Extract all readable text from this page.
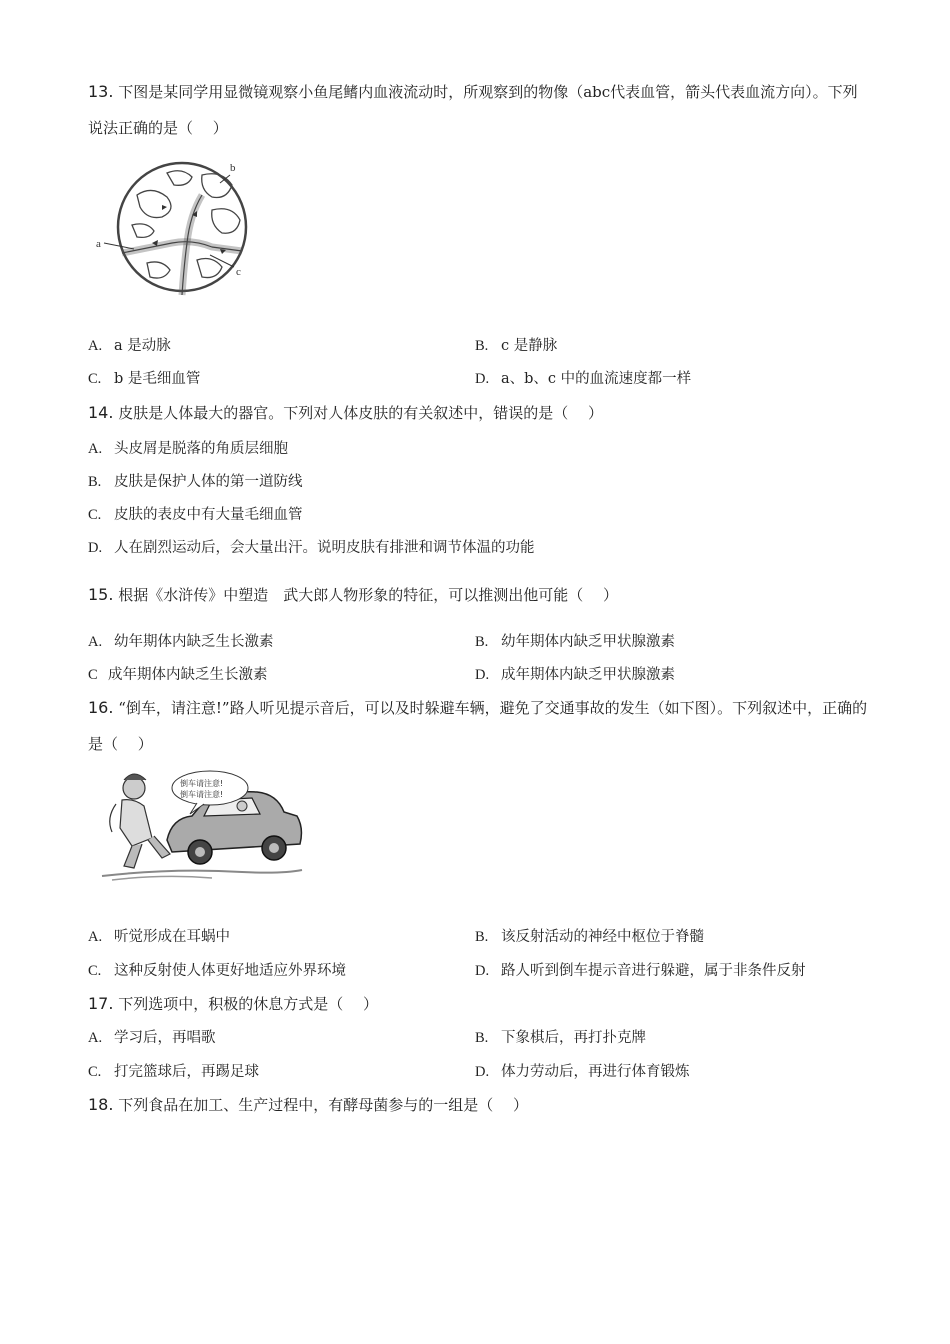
13. 下图是某同学用显微镜观察小鱼尾鳍内血液流动时，所观察到的物像（abc代表血管，箭头代表血流方向）。下列说法正确的是（　 ）
a
b
c
A. a 是动脉	B. c 是静脉
C. b 是毛细血管	D. a、b、c 中的血流速度都一样
14. 皮肤是人体最大的器官。下列对人体皮肤的有关叙述中，错误的是（　 ）
A. 头皮屑是脱落的角质层细胞
B. 皮肤是保护人体的第一道防线
C. 皮肤的表皮中有大量毛细血管
D. 人在剧烈运动后，会大量出汗。说明皮肤有排泄和调节体温的功能
15. 根据《水浒传》中塑造　武大郎人物形象的特征，可以推测出他可能（　 ）
A. 幼年期体内缺乏生长激素	B. 幼年期体内缺乏甲状腺激素
C 成年期体内缺乏生长激素	D. 成年期体内缺乏甲状腺激素
16. “倒车，请注意!”路人听见提示音后，可以及时躲避车辆，避免了交通事故的发生（如下图）。下列叙述中，正确的是（　 ）
倒车请注意!
倒车请注意!
A. 听觉形成在耳蜗中	B. 该反射活动的神经中枢位于脊髓
C. 这种反射使人体更好地适应外界环境	D. 路人听到倒车提示音进行躲避，属于非条件反射
17. 下列选项中，积极的休息方式是（　 ）
A. 学习后，再唱歌	B. 下象棋后，再打扑克牌
C. 打完篮球后，再踢足球	D. 体力劳动后，再进行体育锻炼
18. 下列食品在加工、生产过程中，有酵母菌参与的一组是（　 ）
